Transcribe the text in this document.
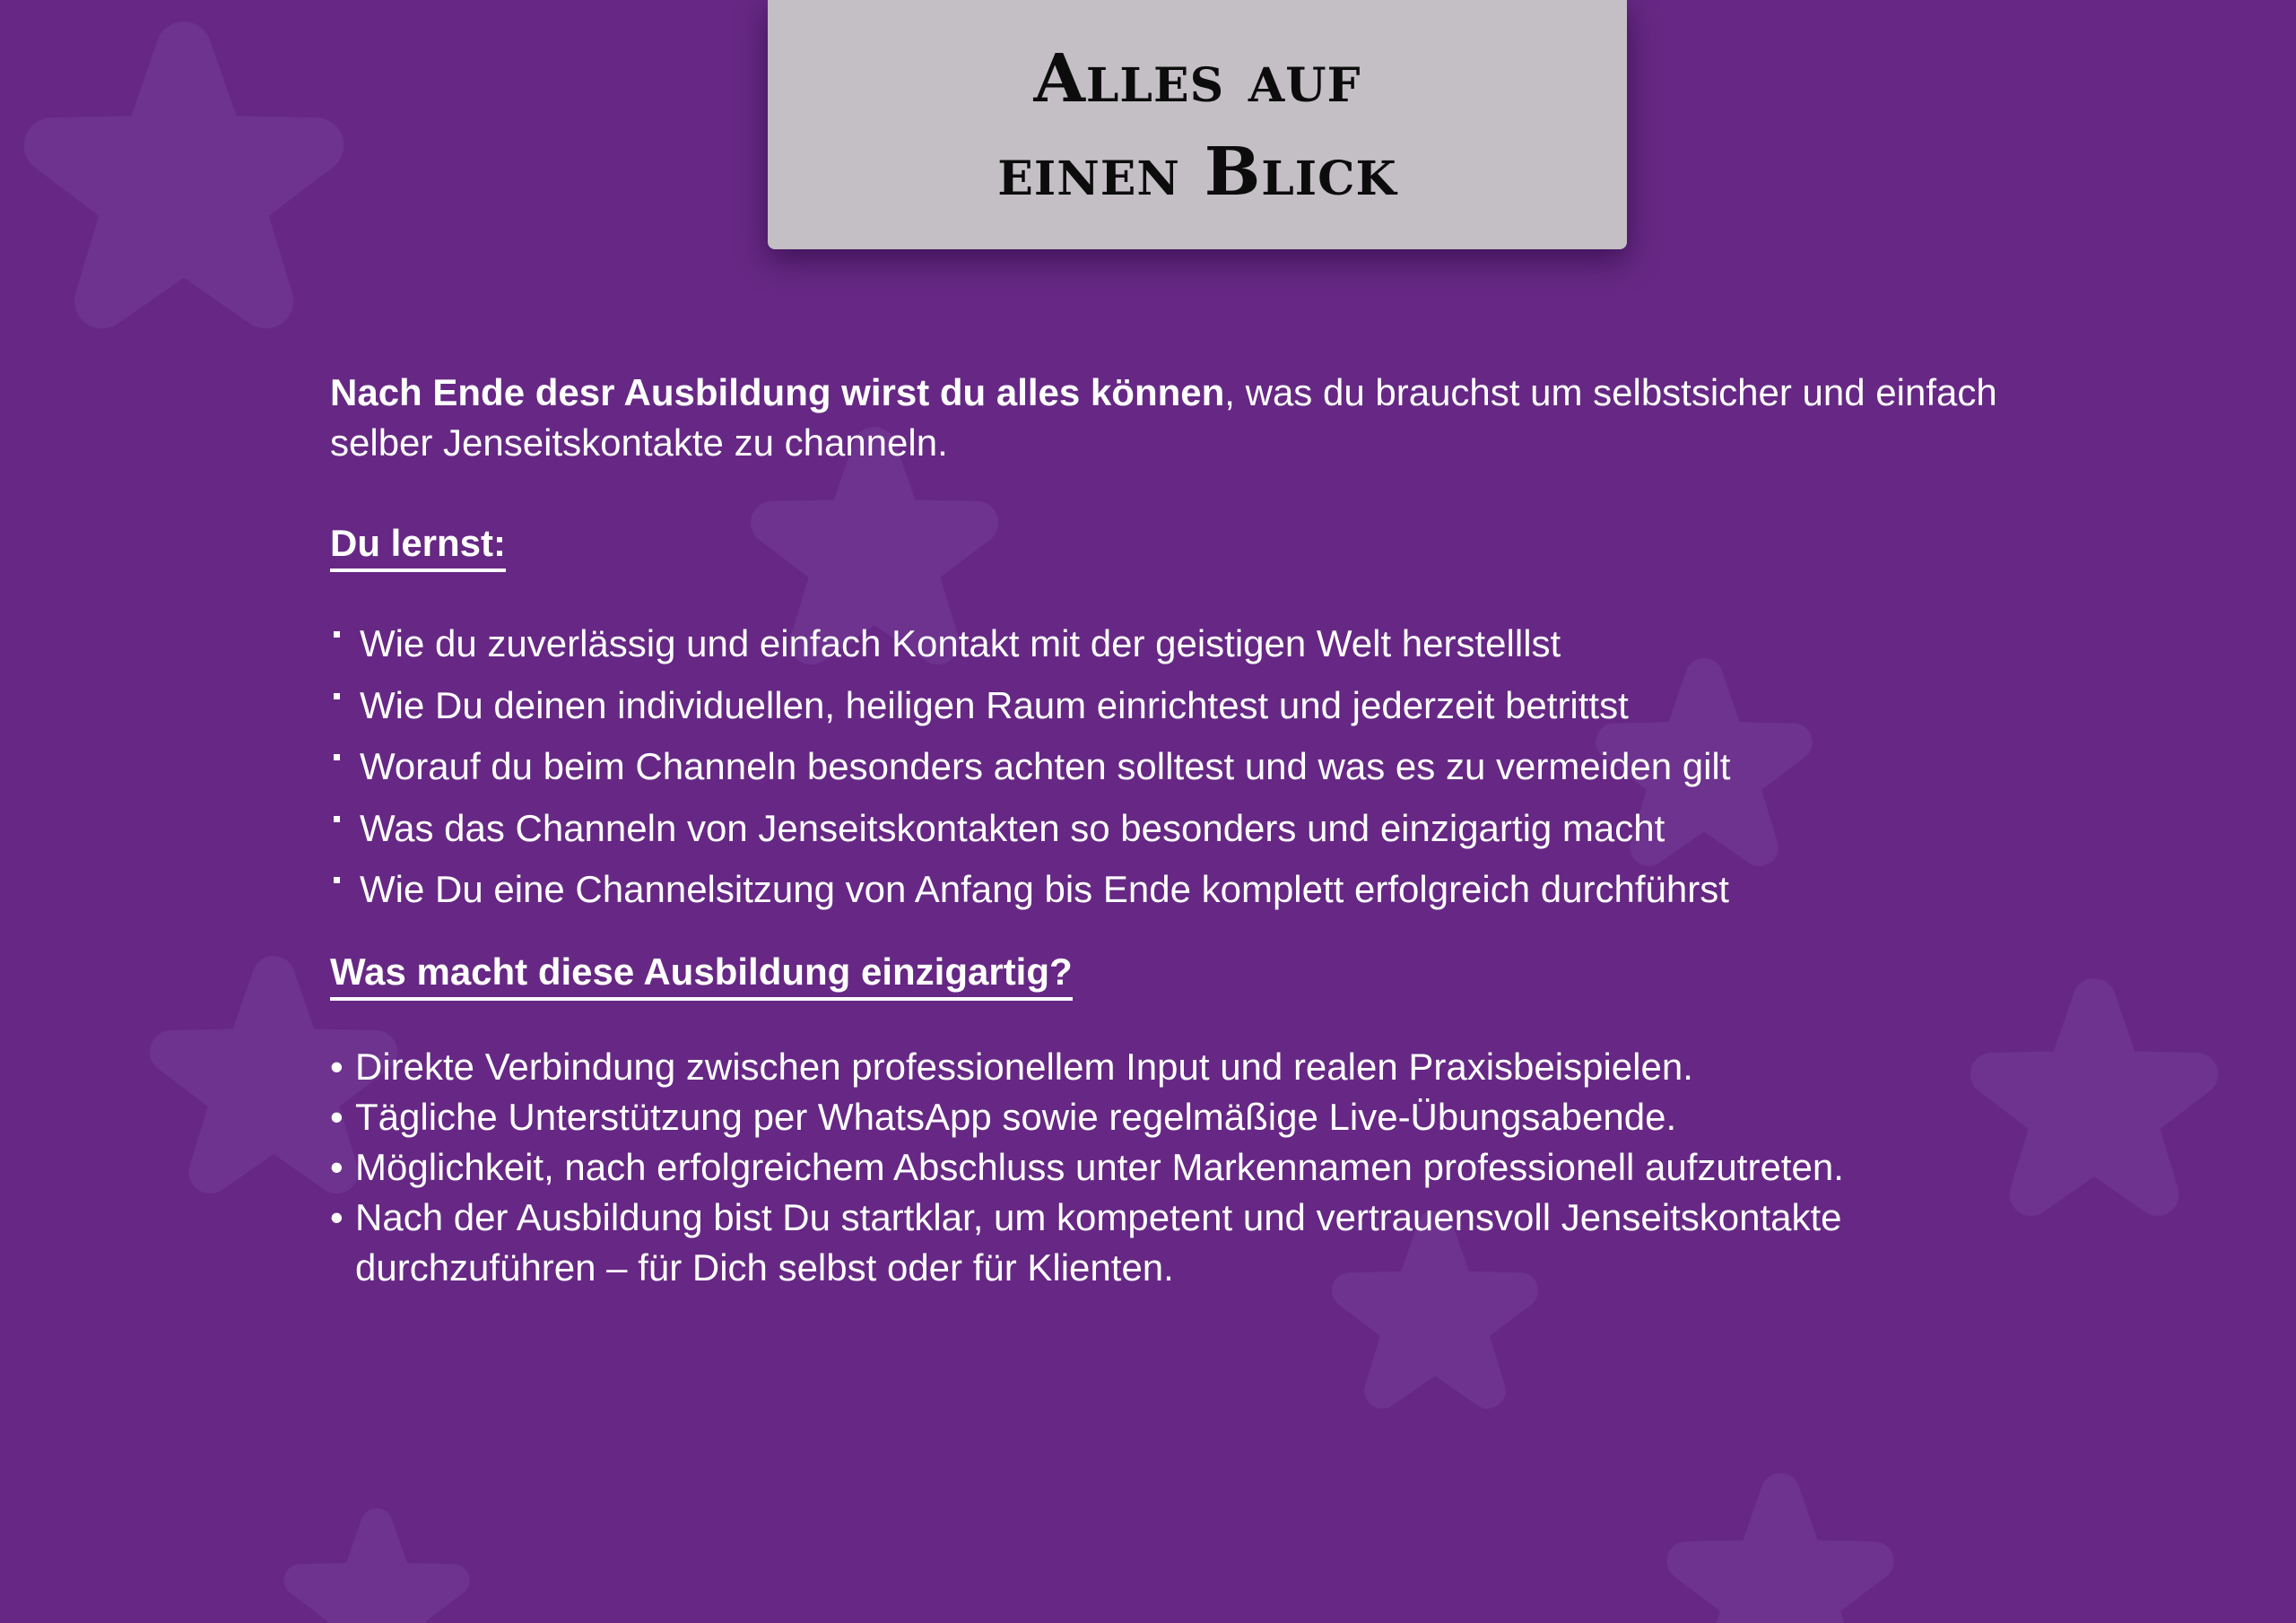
Alles auf
einen Blick

Nach Ende desr Ausbildung wirst du alles können, was du brauchst um selbstsicher und einfach selber Jenseitskontakte zu channeln.

Du lernst:
Wie du zuverlässig und einfach Kontakt mit der geistigen Welt herstelllst
Wie Du deinen individuellen, heiligen Raum einrichtest und jederzeit betrittst
Worauf du beim Channeln besonders achten solltest und was es zu vermeiden gilt
Was das Channeln von Jenseitskontakten so besonders und einzigartig macht
Wie Du eine Channelsitzung von Anfang bis Ende komplett erfolgreich durchführst
Was macht diese Ausbildung einzigartig?
• Direkte Verbindung zwischen professionellem Input und realen Praxisbeispielen.
• Tägliche Unterstützung per WhatsApp sowie regelmäßige Live-Übungsabende.
• Möglichkeit, nach erfolgreichem Abschluss unter Markennamen professionell aufzutreten.
• Nach der Ausbildung bist Du startklar, um kompetent und vertrauensvoll Jenseitskontakte durchzuführen – für Dich selbst oder für Klienten.
